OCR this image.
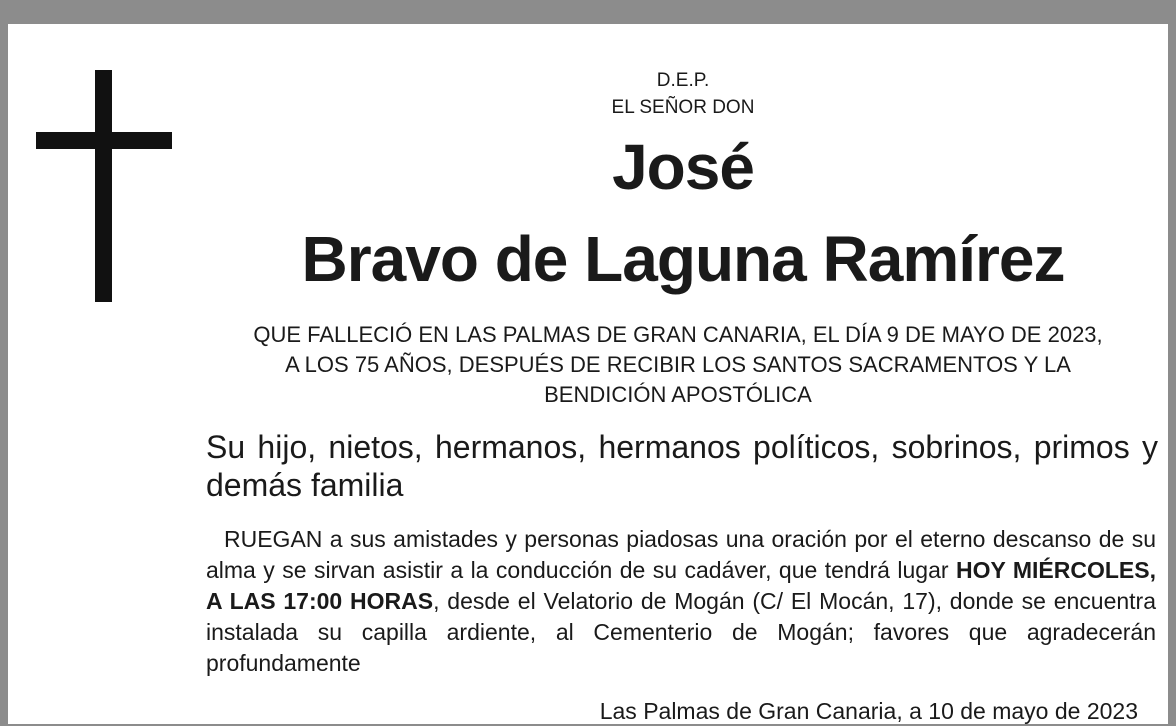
D.E.P.
EL SEÑOR DON
José
Bravo de Laguna Ramírez
QUE FALLECIÓ EN LAS PALMAS DE GRAN CANARIA, EL DÍA 9 DE MAYO DE 2023,
A LOS 75 AÑOS, DESPUÉS DE RECIBIR LOS SANTOS SACRAMENTOS Y LA
BENDICIÓN APOSTÓLICA
Su hijo, nietos, hermanos, hermanos políticos, sobrinos, primos y demás familia
RUEGAN a sus amistades y personas piadosas una oración por el eterno descanso de su alma y se sirvan asistir a la conducción de su cadáver, que tendrá lugar HOY MIÉRCOLES, A LAS 17:00 HORAS, desde el Velatorio de Mogán (C/ El Mocán, 17), donde se encuentra instalada su capilla ardiente, al Cementerio de Mogán; favores que agradecerán profundamente
Las Palmas de Gran Canaria, a 10 de mayo de 2023
